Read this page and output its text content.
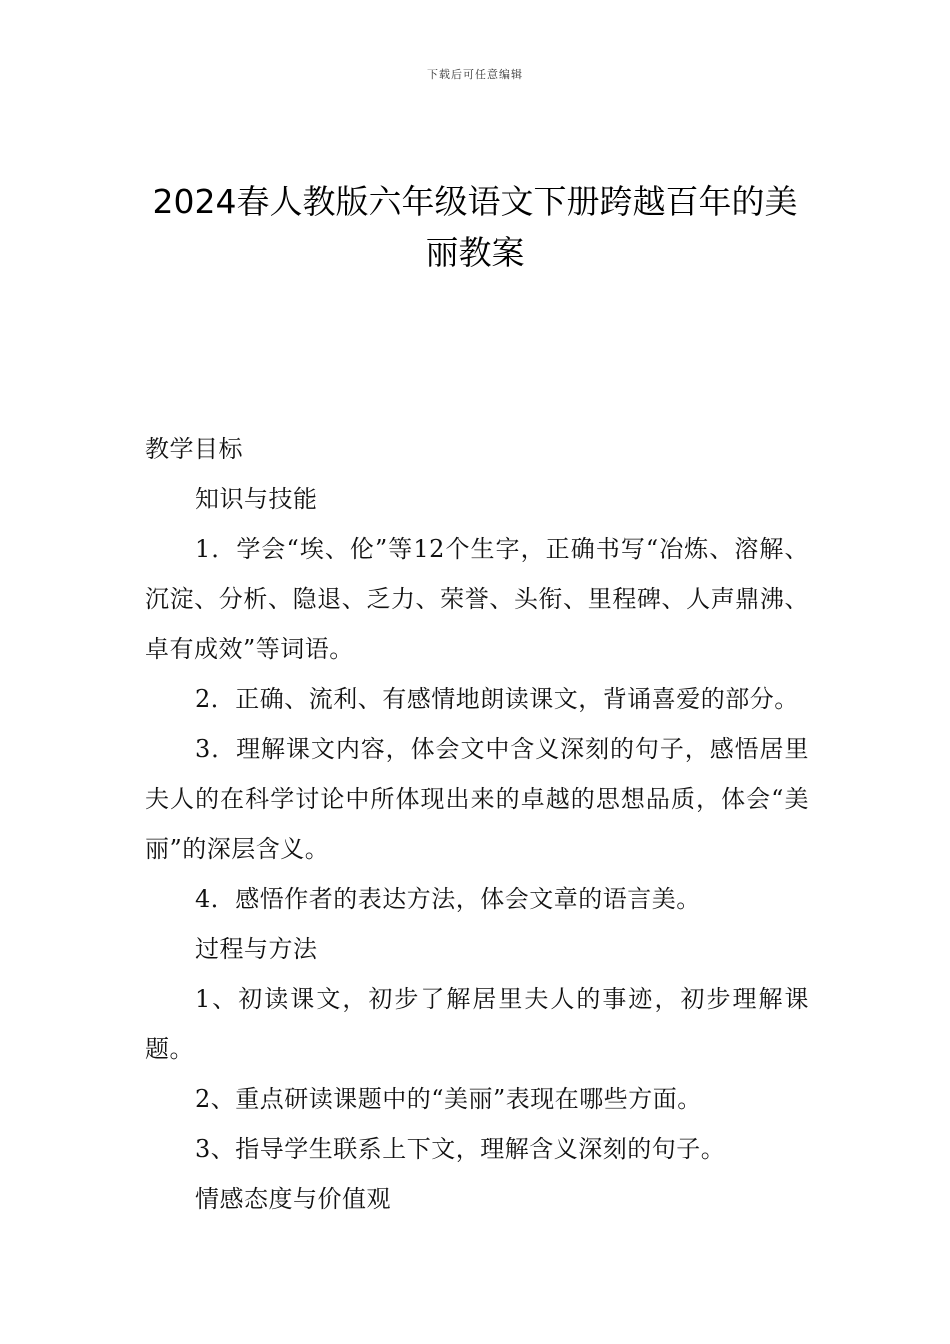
下载后可任意编辑
2024春人教版六年级语文下册跨越百年的美丽教案

教学目标

知识与技能

1．学会“埃、伦”等12个生字，正确书写“冶炼、溶解、沉淀、分析、隐退、乏力、荣誉、头衔、里程碑、人声鼎沸、卓有成效”等词语。

2．正确、流利、有感情地朗读课文，背诵喜爱的部分。

3．理解课文内容，体会文中含义深刻的句子，感悟居里夫人的在科学讨论中所体现出来的卓越的思想品质，体会“美丽”的深层含义。

4．感悟作者的表达方法，体会文章的语言美。

过程与方法

1、初读课文，初步了解居里夫人的事迹，初步理解课题。

2、重点研读课题中的“美丽”表现在哪些方面。

3、指导学生联系上下文，理解含义深刻的句子。

情感态度与价值观
